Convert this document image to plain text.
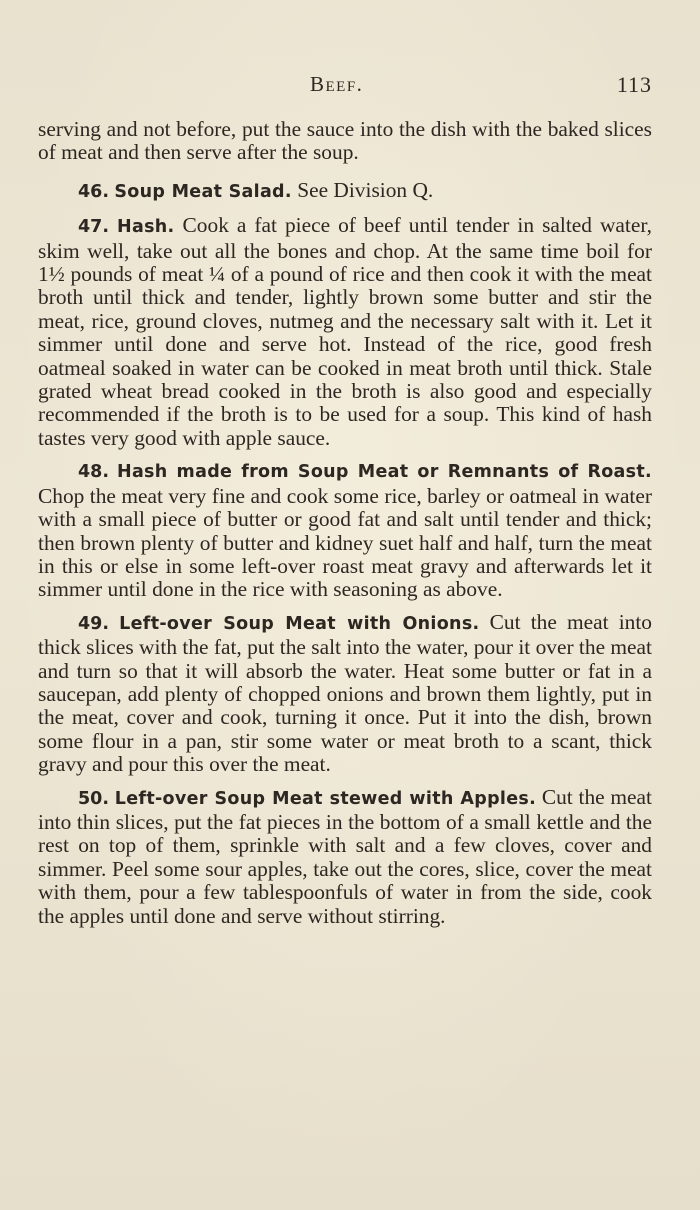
Beef.	113

serving and not before, put the sauce into the dish with the baked slices of meat and then serve after the soup.

46. Soup Meat Salad. See Division Q.

47. Hash. Cook a fat piece of beef until tender in salted water, skim well, take out all the bones and chop. At the same time boil for 1½ pounds of meat ¼ of a pound of rice and then cook it with the meat broth until thick and tender, lightly brown some butter and stir the meat, rice, ground cloves, nutmeg and the necessary salt with it. Let it simmer until done and serve hot. Instead of the rice, good fresh oatmeal soaked in water can be cooked in meat broth until thick. Stale grated wheat bread cooked in the broth is also good and especially recommended if the broth is to be used for a soup. This kind of hash tastes very good with apple sauce.

48. Hash made from Soup Meat or Remnants of Roast. Chop the meat very fine and cook some rice, barley or oatmeal in water with a small piece of butter or good fat and salt until tender and thick; then brown plenty of butter and kidney suet half and half, turn the meat in this or else in some left-over roast meat gravy and afterwards let it simmer until done in the rice with seasoning as above.

49. Left-over Soup Meat with Onions. Cut the meat into thick slices with the fat, put the salt into the water, pour it over the meat and turn so that it will absorb the water. Heat some butter or fat in a saucepan, add plenty of chopped onions and brown them lightly, put in the meat, cover and cook, turning it once. Put it into the dish, brown some flour in a pan, stir some water or meat broth to a scant, thick gravy and pour this over the meat.

50. Left-over Soup Meat stewed with Apples. Cut the meat into thin slices, put the fat pieces in the bottom of a small kettle and the rest on top of them, sprinkle with salt and a few cloves, cover and simmer. Peel some sour apples, take out the cores, slice, cover the meat with them, pour a few tablespoonfuls of water in from the side, cook the apples until done and serve without stirring.
